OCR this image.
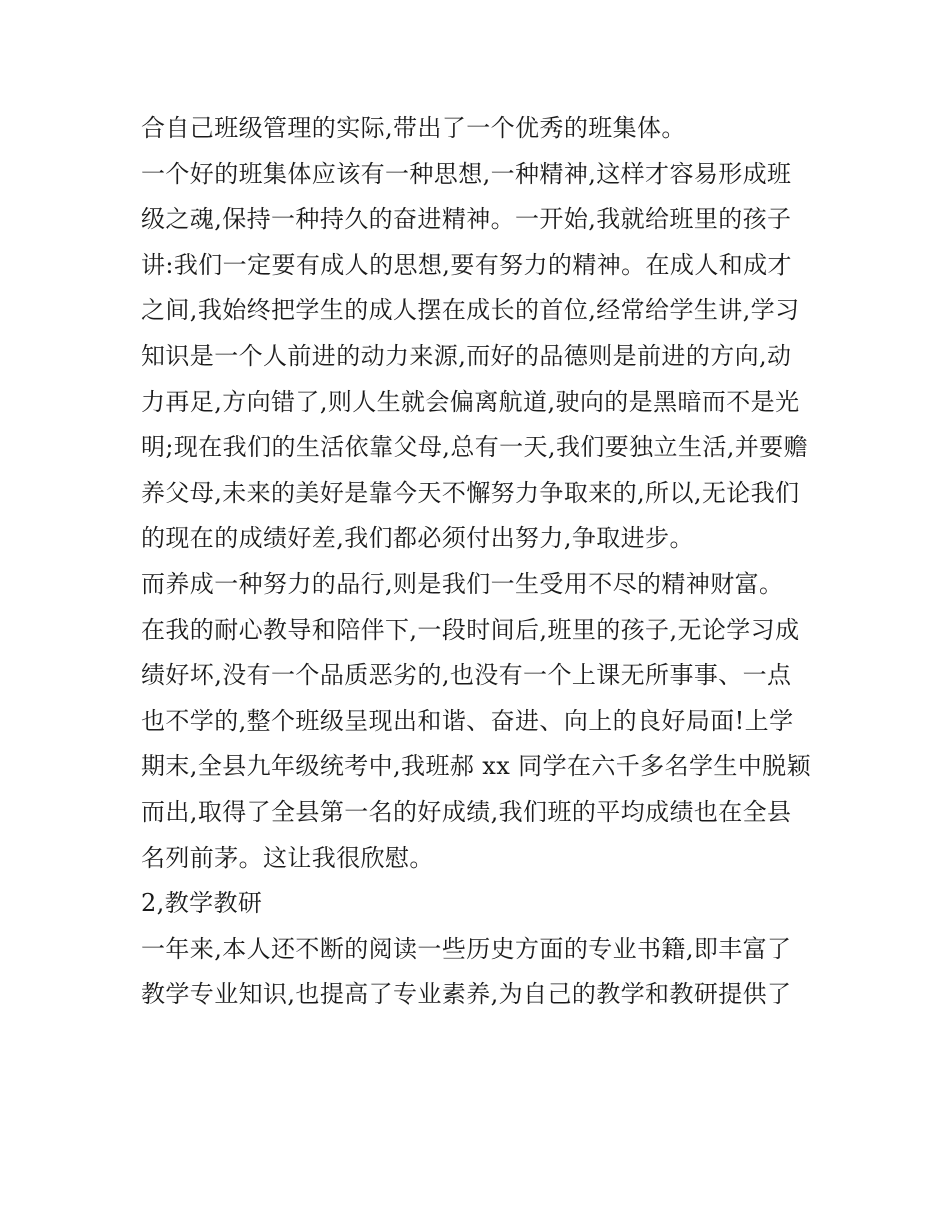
合自己班级管理的实际,带出了一个优秀的班集体。
一个好的班集体应该有一种思想,一种精神,这样才容易形成班
级之魂,保持一种持久的奋进精神。一开始,我就给班里的孩子
讲:我们一定要有成人的思想,要有努力的精神。在成人和成才
之间,我始终把学生的成人摆在成长的首位,经常给学生讲,学习
知识是一个人前进的动力来源,而好的品德则是前进的方向,动
力再足,方向错了,则人生就会偏离航道,驶向的是黑暗而不是光
明;现在我们的生活依靠父母,总有一天,我们要独立生活,并要赡
养父母,未来的美好是靠今天不懈努力争取来的,所以,无论我们
的现在的成绩好差,我们都必须付出努力,争取进步。
而养成一种努力的品行,则是我们一生受用不尽的精神财富。
在我的耐心教导和陪伴下,一段时间后,班里的孩子,无论学习成
绩好坏,没有一个品质恶劣的,也没有一个上课无所事事、一点
也不学的,整个班级呈现出和谐、奋进、向上的良好局面!上学
期末,全县九年级统考中,我班郝 xx 同学在六千多名学生中脱颖
而出,取得了全县第一名的好成绩,我们班的平均成绩也在全县
名列前茅。这让我很欣慰。
2,教学教研
一年来,本人还不断的阅读一些历史方面的专业书籍,即丰富了
教学专业知识,也提高了专业素养,为自己的教学和教研提供了
